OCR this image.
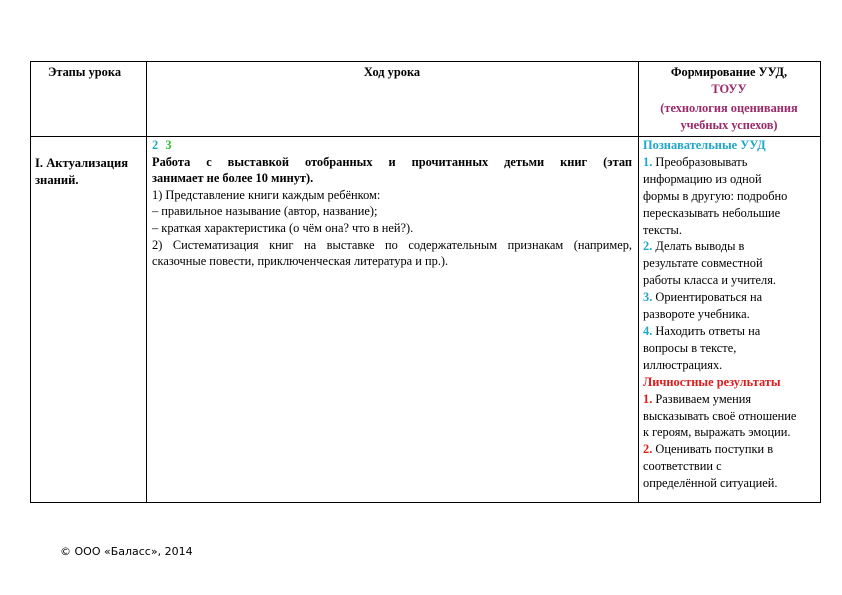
Этапы урока	Ход урока	Формирование УУД,
ТОУУ
(технология оценивания
учебных успехов)
I. Актуализация
знаний.
2 3
Работа с выставкой отобранных и прочитанных детьми книг (этап
занимает не более 10 минут).
1) Представление книги каждым ребёнком:
– правильное называние (автор, название);
– краткая характеристика (о чём она? что в ней?).
2) Систематизация книг на выставке по содержательным признакам (например,
сказочные повести, приключенческая литература и пр.).
Познавательные УУД
1. Преобразовывать
информацию из одной
формы в другую: подробно
пересказывать небольшие
тексты.
2. Делать выводы в
результате совместной
работы класса и учителя.
3. Ориентироваться на
развороте учебника.
4. Находить ответы на
вопросы в тексте,
иллюстрациях.
Личностные результаты
1. Развиваем умения
высказывать своё отношение
к героям, выражать эмоции.
2. Оценивать поступки в
соответствии с
определённой ситуацией.
© ООО «Баласс», 2014
